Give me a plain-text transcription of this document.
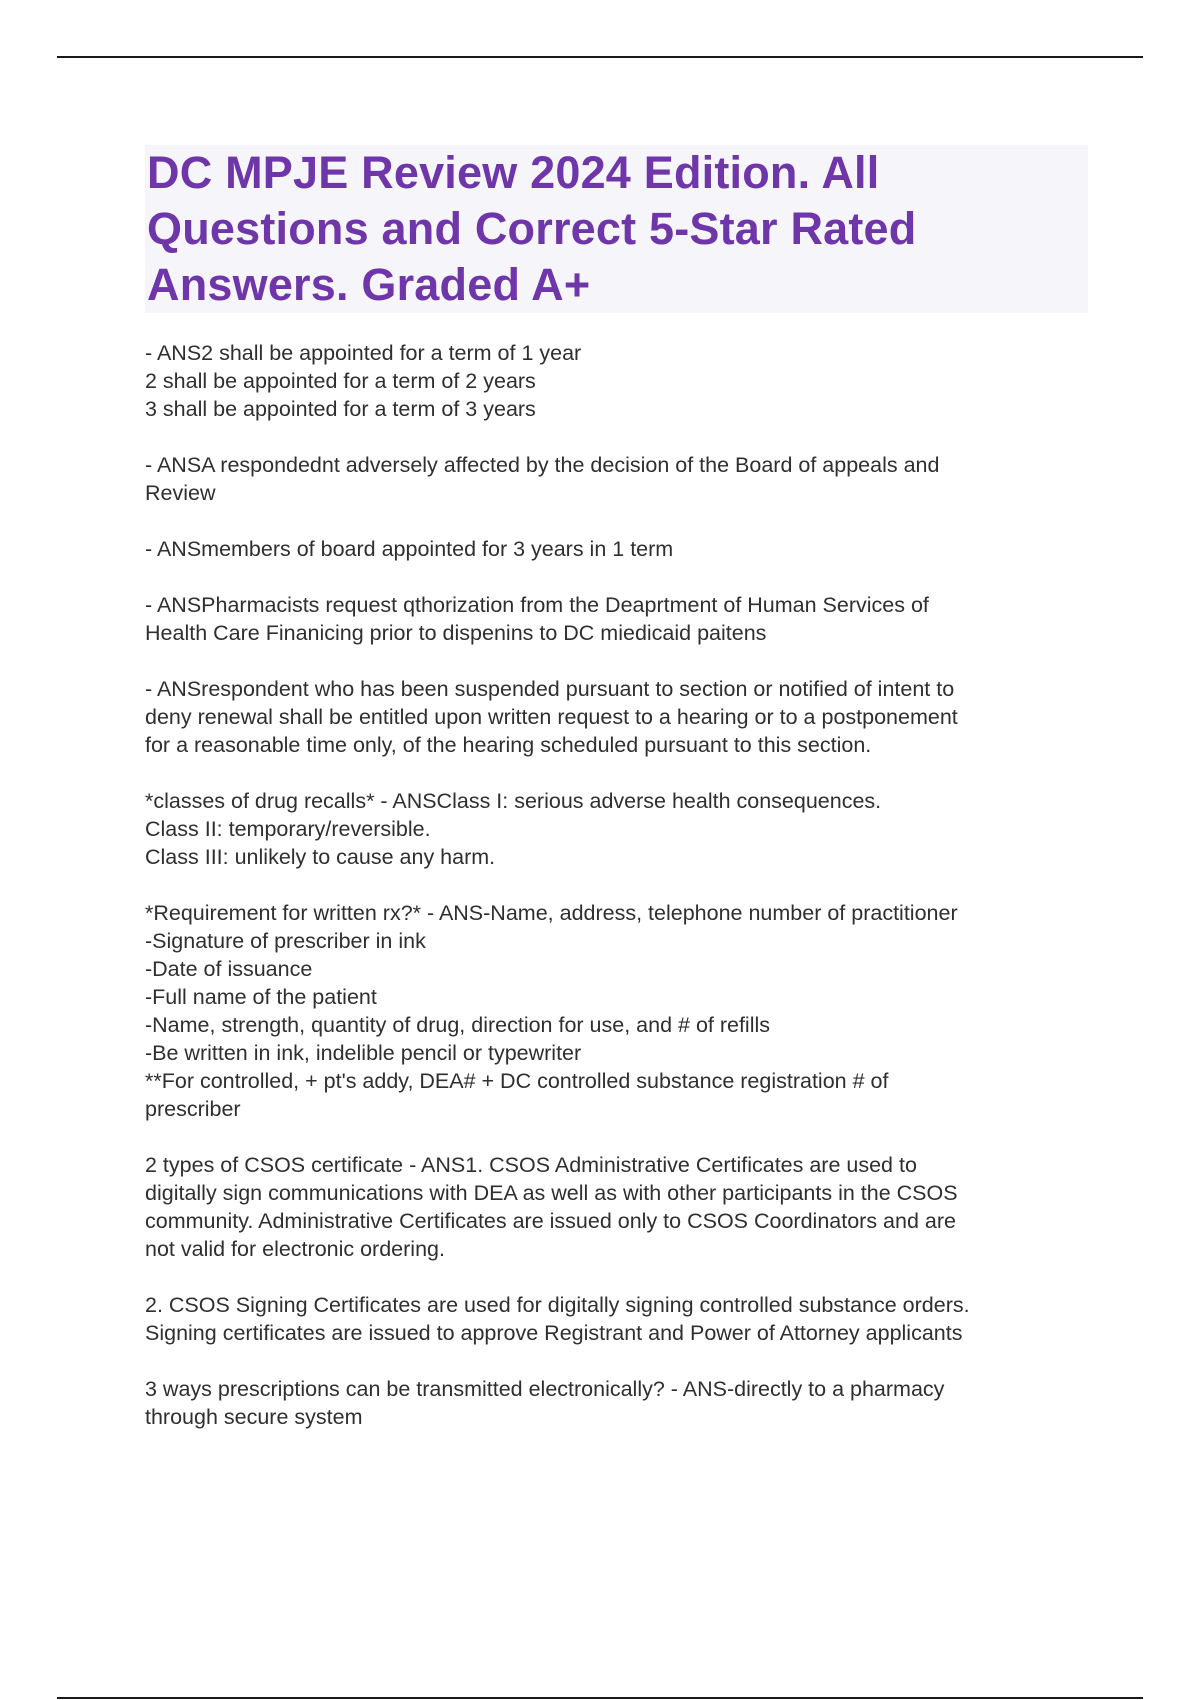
DC MPJE Review 2024 Edition. All Questions and Correct 5-Star Rated Answers. Graded A+

- ANS2 shall be appointed for a term of 1 year
2 shall be appointed for a term of 2 years
3 shall be appointed for a term of 3 years

- ANSA respondednt adversely affected by the decision of the Board of appeals and
Review

- ANSmembers of board appointed for 3 years in 1 term

- ANSPharmacists request qthorization from the Deaprtment of Human Services of
Health Care Finanicing prior to dispenins to DC miedicaid paitens

- ANSrespondent who has been suspended pursuant to section or notified of intent to
deny renewal shall be entitled upon written request to a hearing or to a postponement
for a reasonable time only, of the hearing scheduled pursuant to this section.

*classes of drug recalls* - ANSClass I: serious adverse health consequences.
Class II: temporary/reversible.
Class III: unlikely to cause any harm.

*Requirement for written rx?* - ANS-Name, address, telephone number of practitioner
-Signature of prescriber in ink
-Date of issuance
-Full name of the patient
-Name, strength, quantity of drug, direction for use, and # of refills
-Be written in ink, indelible pencil or typewriter
**For controlled, + pt's addy, DEA# + DC controlled substance registration # of
prescriber

2 types of CSOS certificate - ANS1. CSOS Administrative Certificates are used to
digitally sign communications with DEA as well as with other participants in the CSOS
community. Administrative Certificates are issued only to CSOS Coordinators and are
not valid for electronic ordering.

2. CSOS Signing Certificates are used for digitally signing controlled substance orders.
Signing certificates are issued to approve Registrant and Power of Attorney applicants

3 ways prescriptions can be transmitted electronically? - ANS-directly to a pharmacy
through secure system
